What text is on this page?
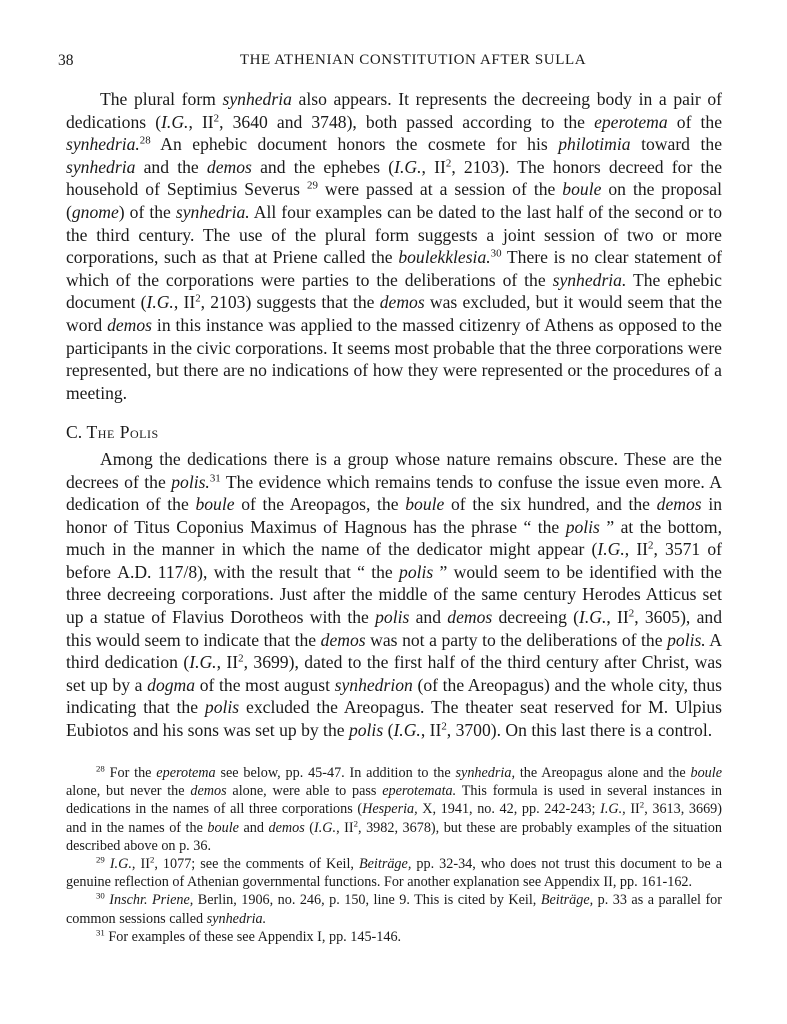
38	THE ATHENIAN CONSTITUTION AFTER SULLA

The plural form synhedria also appears. It represents the decreeing body in a pair of dedications (I.G., $II^2$, 3640 and 3748), both passed according to the eperotema of the synhedria.$^{28}$ An ephebic document honors the cosmete for his philotimia toward the synhedria and the demos and the ephebes (I.G., $II^2$, 2103). The honors decreed for the household of Septimius Severus $^{29}$ were passed at a session of the boule on the proposal (gnome) of the synhedria. All four examples can be dated to the last half of the second or to the third century. The use of the plural form suggests a joint session of two or more corporations, such as that at Priene called the boulekklesia.$^{30}$ There is no clear statement of which of the corporations were parties to the deliberations of the synhedria. The ephebic document (I.G., $II^2$, 2103) suggests that the demos was excluded, but it would seem that the word demos in this instance was applied to the massed citizenry of Athens as opposed to the participants in the civic corporations. It seems most probable that the three corporations were represented, but there are no indications of how they were represented or the procedures of a meeting.

C. The Polis

Among the dedications there is a group whose nature remains obscure. These are the decrees of the polis.$^{31}$ The evidence which remains tends to confuse the issue even more. A dedication of the boule of the Areopagos, the boule of the six hundred, and the demos in honor of Titus Coponius Maximus of Hagnous has the phrase “ the polis ” at the bottom, much in the manner in which the name of the dedicator might appear (I.G., $II^2$, 3571 of before A.D. 117/8), with the result that “ the polis ” would seem to be identified with the three decreeing corporations. Just after the middle of the same century Herodes Atticus set up a statue of Flavius Dorotheos with the polis and demos decreeing (I.G., $II^2$, 3605), and this would seem to indicate that the demos was not a party to the deliberations of the polis. A third dedication (I.G., $II^2$, 3699), dated to the first half of the third century after Christ, was set up by a dogma of the most august synhedrion (of the Areopagus) and the whole city, thus indicating that the polis excluded the Areopagus. The theater seat reserved for M. Ulpius Eubiotos and his sons was set up by the polis (I.G., $II^2$, 3700). On this last there is a control.

$^{28}$ For the eperotema see below, pp. 45-47. In addition to the synhedria, the Areopagus alone and the boule alone, but never the demos alone, were able to pass eperotemata. This formula is used in several instances in dedications in the names of all three corporations (Hesperia, X, 1941, no. 42, pp. 242-243; I.G., $II^2$, 3613, 3669) and in the names of the boule and demos (I.G., $II^2$, 3982, 3678), but these are probably examples of the situation described above on p. 36.

$^{29}$ I.G., $II^2$, 1077; see the comments of Keil, Beiträge, pp. 32-34, who does not trust this document to be a genuine reflection of Athenian governmental functions. For another explanation see Appendix II, pp. 161-162.

$^{30}$ Inschr. Priene, Berlin, 1906, no. 246, p. 150, line 9. This is cited by Keil, Beiträge, p. 33 as a parallel for common sessions called synhedria.

$^{31}$ For examples of these see Appendix I, pp. 145-146.
